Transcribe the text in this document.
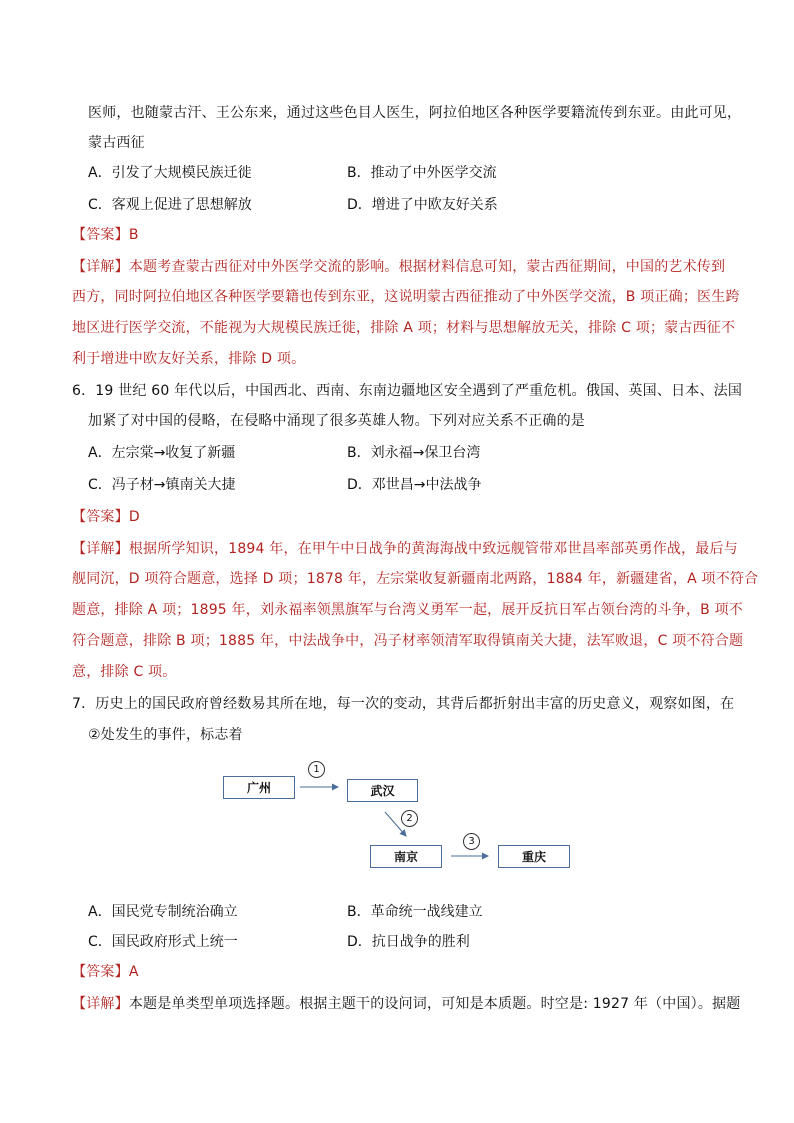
医师，也随蒙古汗、王公东来，通过这些色目人医生，阿拉伯地区各种医学要籍流传到东亚。由此可见，
蒙古西征
A．引发了大规模民族迁徙	B．推动了中外医学交流
C．客观上促进了思想解放	D．增进了中欧友好关系
【答案】B
【详解】本题考查蒙古西征对中外医学交流的影响。根据材料信息可知，蒙古西征期间，中国的艺术传到
西方，同时阿拉伯地区各种医学要籍也传到东亚，这说明蒙古西征推动了中外医学交流，B 项正确；医生跨
地区进行医学交流，不能视为大规模民族迁徙，排除 A 项；材料与思想解放无关，排除 C 项；蒙古西征不
利于增进中欧友好关系，排除 D 项。
6．19 世纪 60 年代以后，中国西北、西南、东南边疆地区安全遇到了严重危机。俄国、英国、日本、法国
加紧了对中国的侵略，在侵略中涌现了很多英雄人物。下列对应关系不正确的是
A．左宗棠→收复了新疆	B．刘永福→保卫台湾
C．冯子材→镇南关大捷	D．邓世昌→中法战争
【答案】D
【详解】根据所学知识，1894 年，在甲午中日战争的黄海海战中致远舰管带邓世昌率部英勇作战，最后与
舰同沉，D 项符合题意，选择 D 项；1878 年，左宗棠收复新疆南北两路，1884 年，新疆建省，A 项不符合
题意，排除 A 项；1895 年，刘永福率领黑旗军与台湾义勇军一起，展开反抗日军占领台湾的斗争，B 项不
符合题意，排除 B 项；1885 年，中法战争中，冯子材率领清军取得镇南关大捷，法军败退，C 项不符合题
意，排除 C 项。
7．历史上的国民政府曾经数易其所在地，每一次的变动，其背后都折射出丰富的历史意义，观察如图，在
②处发生的事件，标志着
广州	武汉
南京	重庆
1
2
3
A．国民党专制统治确立	B．革命统一战线建立
C．国民政府形式上统一	D．抗日战争的胜利
【答案】A
【详解】本题是单类型单项选择题。根据主题干的设问词，可知是本质题。时空是: 1927 年（中国）。据题
